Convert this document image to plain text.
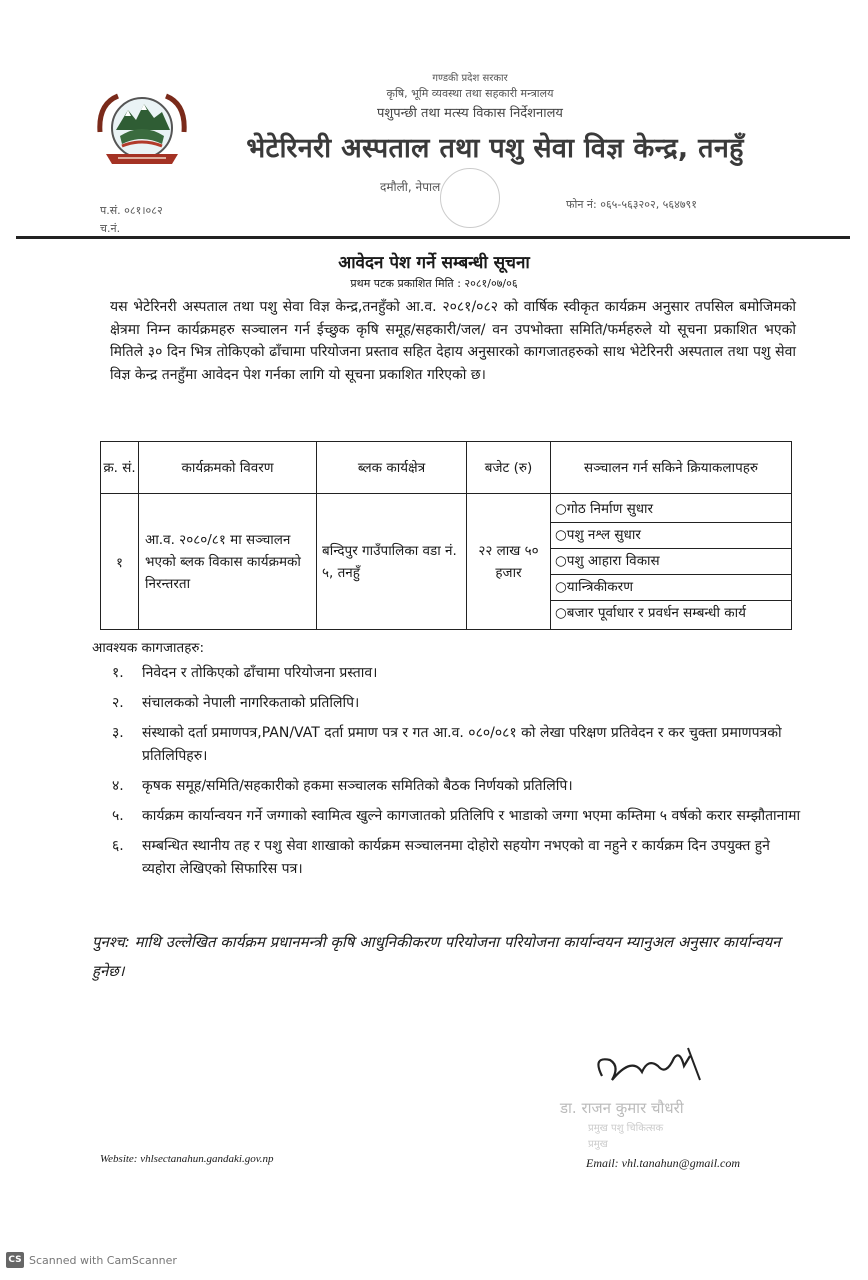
गण्डकी प्रदेश सरकार
कृषि, भूमि व्यवस्था तथा सहकारी मन्त्रालय
पशुपन्छी तथा मत्स्य विकास निर्देशनालय
भेटेरिनरी अस्पताल तथा पशु सेवा विज्ञ केन्द्र, तनहुँ
दमौली, नेपाल
प.सं. ०८१।०८२
च.नं.
फोन नं: ०६५-५६३२०२, ५६४७९१
आवेदन पेश गर्ने सम्बन्धी सूचना
प्रथम पटक प्रकाशित मिति : २०८१/०७/०६
यस भेटेरिनरी अस्पताल तथा पशु सेवा विज्ञ केन्द्र,तनहुँको आ.व. २०८१/०८२ को वार्षिक स्वीकृत कार्यक्रम अनुसार तपसिल बमोजिमको क्षेत्रमा निम्न कार्यक्रमहरु सञ्चालन गर्न ईच्छुक कृषि समूह/सहकारी/जल/ वन उपभोक्ता समिति/फर्महरुले यो सूचना प्रकाशित भएको मितिले ३० दिन भित्र तोकिएको ढाँचामा परियोजना प्रस्ताव सहित देहाय अनुसारको कागजातहरुको साथ भेटेरिनरी अस्पताल तथा पशु सेवा विज्ञ केन्द्र तनहुँमा आवेदन पेश गर्नका लागि यो सूचना प्रकाशित गरिएको छ।
क्र. सं.	कार्यक्रमको विवरण	ब्लक कार्यक्षेत्र	बजेट (रु)	सञ्चालन गर्न सकिने क्रियाकलापहरु
१	आ.व. २०८०/८१ मा सञ्चालन भएको ब्लक विकास कार्यक्रमको निरन्तरता	बन्दिपुर गाउँपालिका वडा नं. ५, तनहुँ	२२ लाख ५० हजार	○गोठ निर्माण सुधार
○पशु नश्ल सुधार
○पशु आहारा विकास
○यान्त्रिकीकरण
○बजार पूर्वाधार र प्रवर्धन सम्बन्धी कार्य
आवश्यक कागजातहरु:
१.	निवेदन र तोकिएको ढाँचामा परियोजना प्रस्ताव।
२.	संचालकको नेपाली नागरिकताको प्रतिलिपि।
३.	संस्थाको दर्ता प्रमाणपत्र,PAN/VAT दर्ता प्रमाण पत्र र गत आ.व. ०८०/०८१ को लेखा परिक्षण प्रतिवेदन र कर चुक्ता प्रमाणपत्रको प्रतिलिपिहरु।
४.	कृषक समूह/समिति/सहकारीको हकमा सञ्चालक समितिको बैठक निर्णयको प्रतिलिपि।
५.	कार्यक्रम कार्यान्वयन गर्ने जग्गाको स्वामित्व खुल्ने कागजातको प्रतिलिपि र भाडाको जग्गा भएमा कम्तिमा ५ वर्षको करार सम्झौतानामा
६.	सम्बन्धित स्थानीय तह र पशु सेवा शाखाको कार्यक्रम सञ्चालनमा दोहोरो सहयोग नभएको वा नहुने र कार्यक्रम दिन उपयुक्त हुने व्यहोरा लेखिएको सिफारिस पत्र।
पुनश्च: माथि उल्लेखित कार्यक्रम प्रधानमन्त्री कृषि आधुनिकीकरण परियोजना परियोजना कार्यान्वयन म्यानुअल अनुसार कार्यान्वयन हुनेछ।
डा. राजन कुमार चौधरी
प्रमुख पशु चिकित्सक
प्रमुख
Website: vhlsectanahun.gandaki.gov.np	Email: vhl.tanahun@gmail.com
CS Scanned with CamScanner
